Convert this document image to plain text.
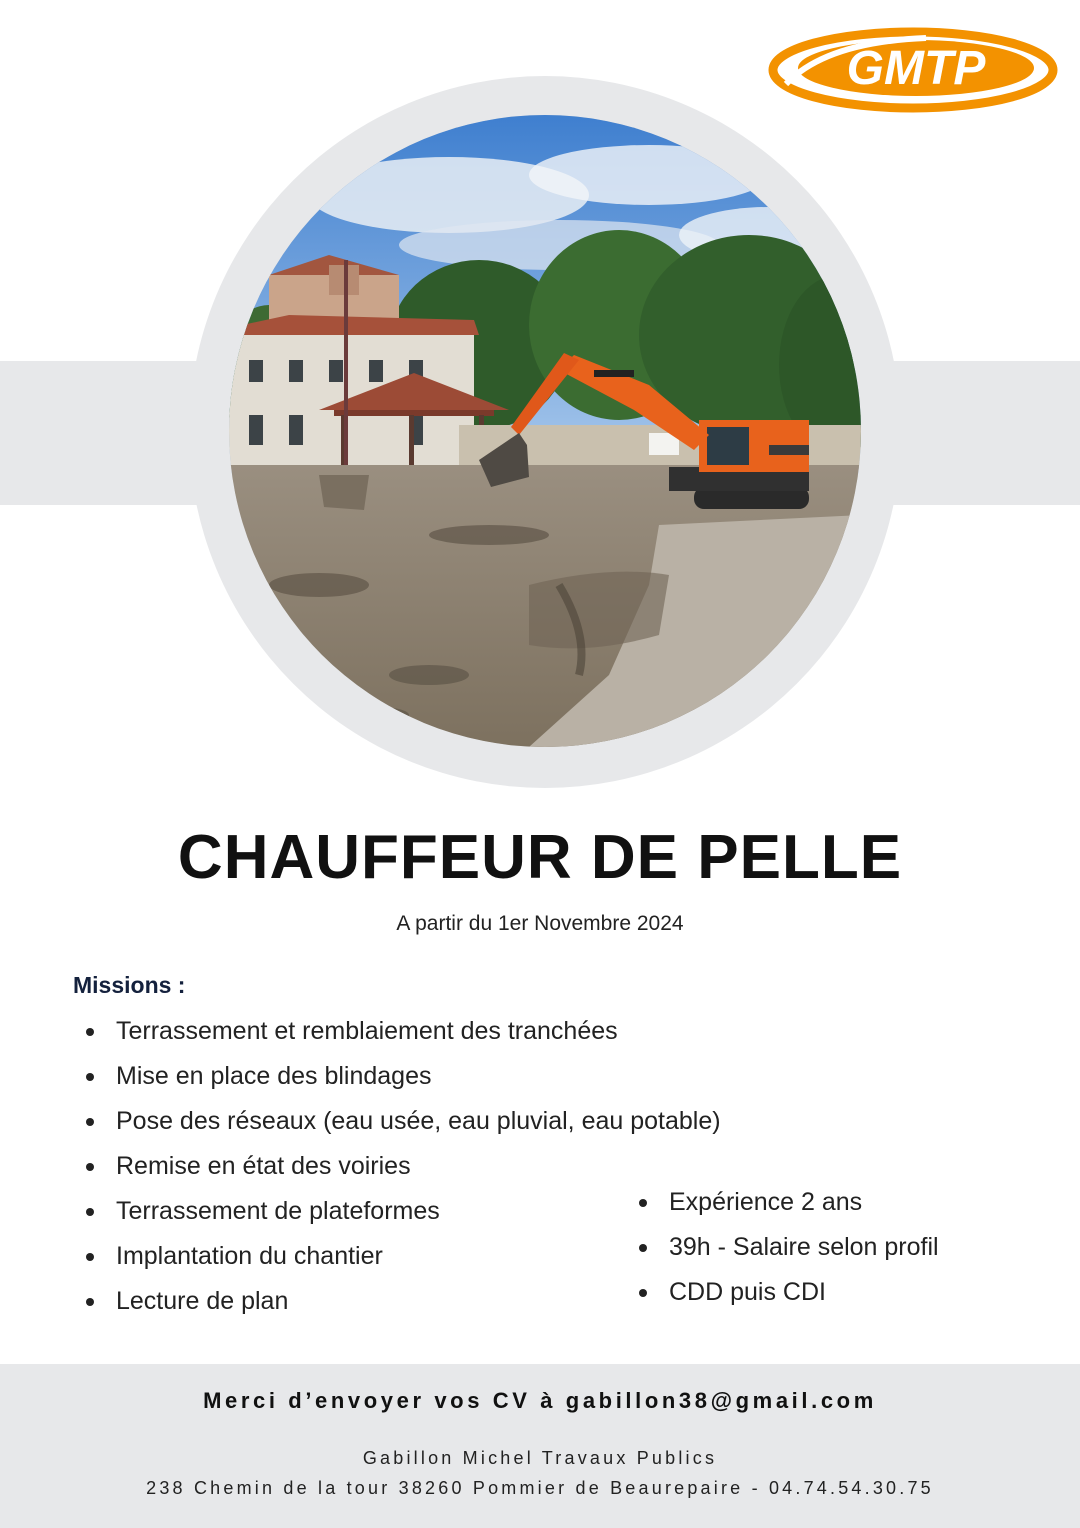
GMTP
CHAUFFEUR DE PELLE
A partir du 1er Novembre 2024
Missions :
Terrassement et remblaiement des tranchées
Mise en place des blindages
Pose des réseaux (eau usée, eau pluvial, eau potable)
Remise en état des voiries
Terrassement de plateformes
Implantation du chantier
Lecture de plan
Expérience 2 ans
39h - Salaire selon profil
CDD puis CDI
Merci d’envoyer vos CV à gabillon38@gmail.com
Gabillon Michel Travaux Publics
238 Chemin de la tour 38260 Pommier de Beaurepaire - 04.74.54.30.75
